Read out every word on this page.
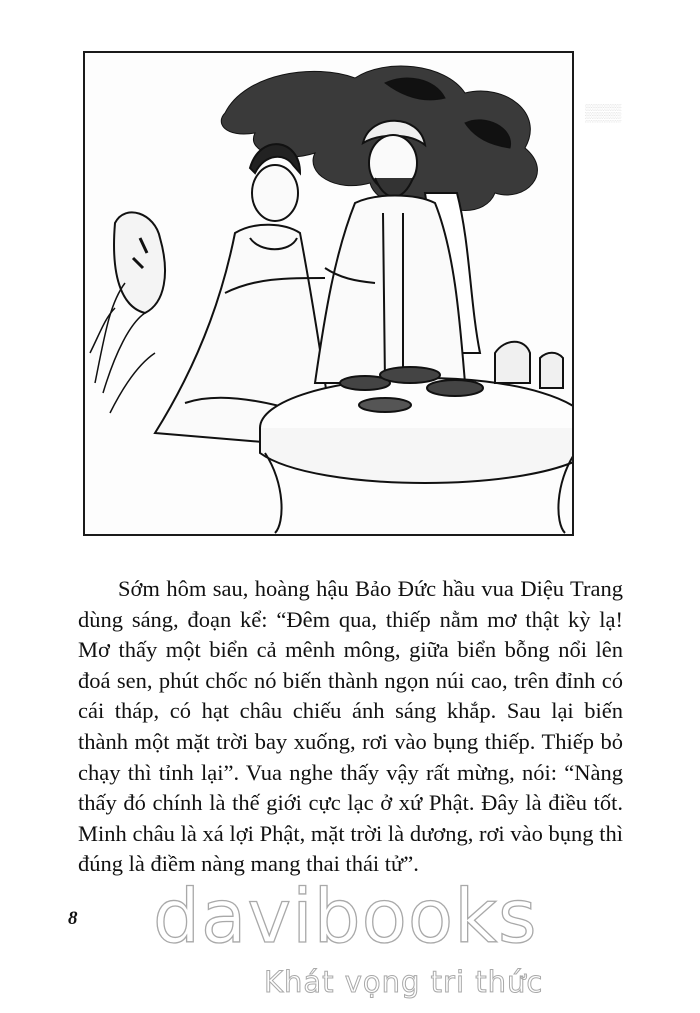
▒▒▒

Sớm hôm sau, hoàng hậu Bảo Đức hầu vua Diệu Trang dùng sáng, đoạn kể: “Đêm qua, thiếp nằm mơ thật kỳ lạ! Mơ thấy một biển cả mênh mông, giữa biển bỗng nổi lên đoá sen, phút chốc nó biến thành ngọn núi cao, trên đỉnh có cái tháp, có hạt châu chiếu ánh sáng khắp. Sau lại biến thành một mặt trời bay xuống, rơi vào bụng thiếp. Thiếp bỏ chạy thì tỉnh lại”. Vua nghe thấy vậy rất mừng, nói: “Nàng thấy đó chính là thế giới cực lạc ở xứ Phật. Đây là điều tốt. Minh châu là xá lợi Phật, mặt trời là dương, rơi vào bụng thì đúng là điềm nàng mang thai thái tử”.

8 davibooks
Khát vọng tri thức
